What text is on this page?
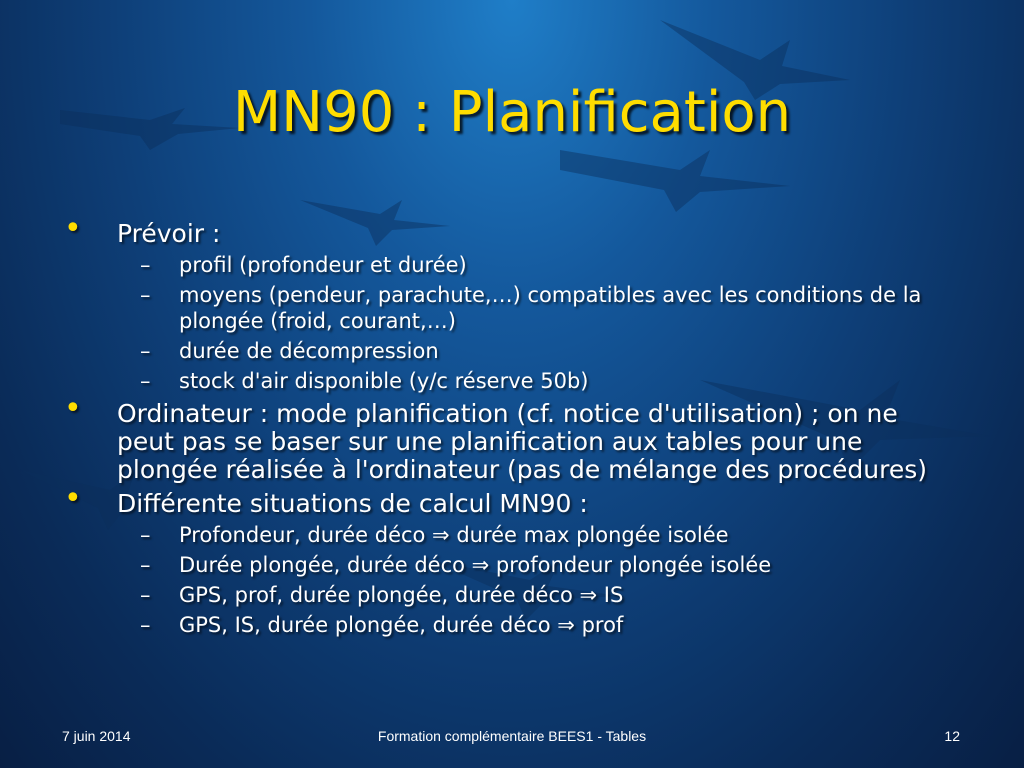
MN90 : Planification
• Prévoir :
– profil (profondeur et durée)
– moyens (pendeur, parachute,…) compatibles avec les conditions de la plongée (froid, courant,…)
– durée de décompression
– stock d'air disponible (y/c réserve 50b)
• Ordinateur : mode planification (cf. notice d'utilisation) ; on ne peut pas se baser sur une planification aux tables pour une plongée réalisée à l'ordinateur (pas de mélange des procédures)
• Différente situations de calcul MN90 :
– Profondeur, durée déco ⇒ durée max plongée isolée
– Durée plongée, durée déco ⇒ profondeur plongée isolée
– GPS, prof, durée plongée, durée déco ⇒ IS
– GPS, IS, durée plongée, durée déco ⇒ prof
7 juin 2014	Formation complémentaire BEES1 - Tables	12
